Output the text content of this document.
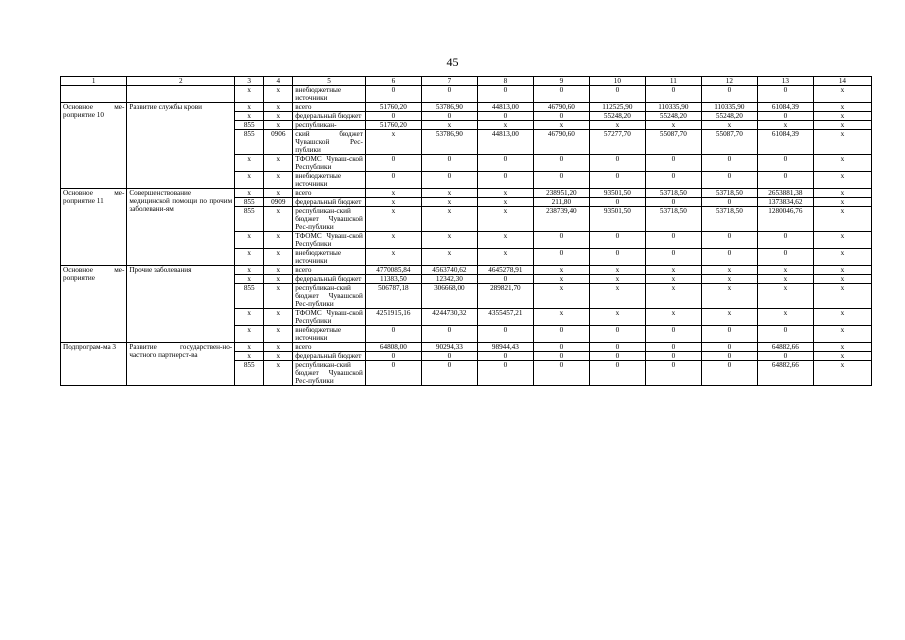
45
1	2	3	4	5	6	7	8	9	10	11	12	13	14
		х	х	внебюджетные источники	0	0	0	0	0	0	0	0	х
Основное ме-роприятие 10	Развитие службы крови	х	х	всего	51760,20	53786,90	44813,00	46790,60	112525,90	110335,90	110335,90	61084,39	х
		х	х	федеральный бюджет	0	0	0	0	55248,20	55248,20	55248,20	0	х
		855	х	республикан-	51760,20	х	х	х	х	х	х	х	х
		855	0906	ский бюджет Чувашской Рес-публики	х	53786,90	44813,00	46790,60	57277,70	55087,70	55087,70	61084,39	х
		х	х	ТФОМС Чуваш-ской Республики	0	0	0	0	0	0	0	0	х
		х	х	внебюджетные источники	0	0	0	0	0	0	0	0	х
Основное ме-роприятие 11	Совершенствование медицинской помощи по прочим заболевани-ям	х	х	всего	х	х	х	238951,20	93501,50	53718,50	53718,50	2653881,38	х
		855	0909	федеральный бюджет	х	х	х	211,80	0	0	0	1373834,62	х
		855	х	республикан-ский бюджет Чувашской Рес-публики	х	х	х	238739,40	93501,50	53718,50	53718,50	1280046,76	х
		х	х	ТФОМС Чуваш-ской Республики	х	х	х	0	0	0	0	0	х
		х	х	внебюджетные источники	х	х	х	0	0	0	0	0	х
Основное ме-роприятие	Прочие заболевания	х	х	всего	4770085,84	4563740,62	4645278,91	х	х	х	х	х	х
		х	х	федеральный бюджет	11383,50	12342,30	0	х	х	х	х	х	х
		855	х	республикан-ский бюджет Чувашской Рес-публики	506787,18	306668,00	289821,70	х	х	х	х	х	х
		х	х	ТФОМС Чуваш-ской Республики	4251915,16	4244730,32	4355457,21	х	х	х	х	х	х
		х	х	внебюджетные источники	0	0	0	0	0	0	0	0	х
Подпрограм-ма 3	Развитие государствен-но-частного партнерст-ва	х	х	всего	64808,00	90294,33	98944,43	0	0	0	0	64882,66	х
		х	х	федеральный бюджет	0	0	0	0	0	0	0	0	х
		855	х	республикан-ский бюджет Чувашской Рес-публики	0	0	0	0	0	0	0	64882,66	х
